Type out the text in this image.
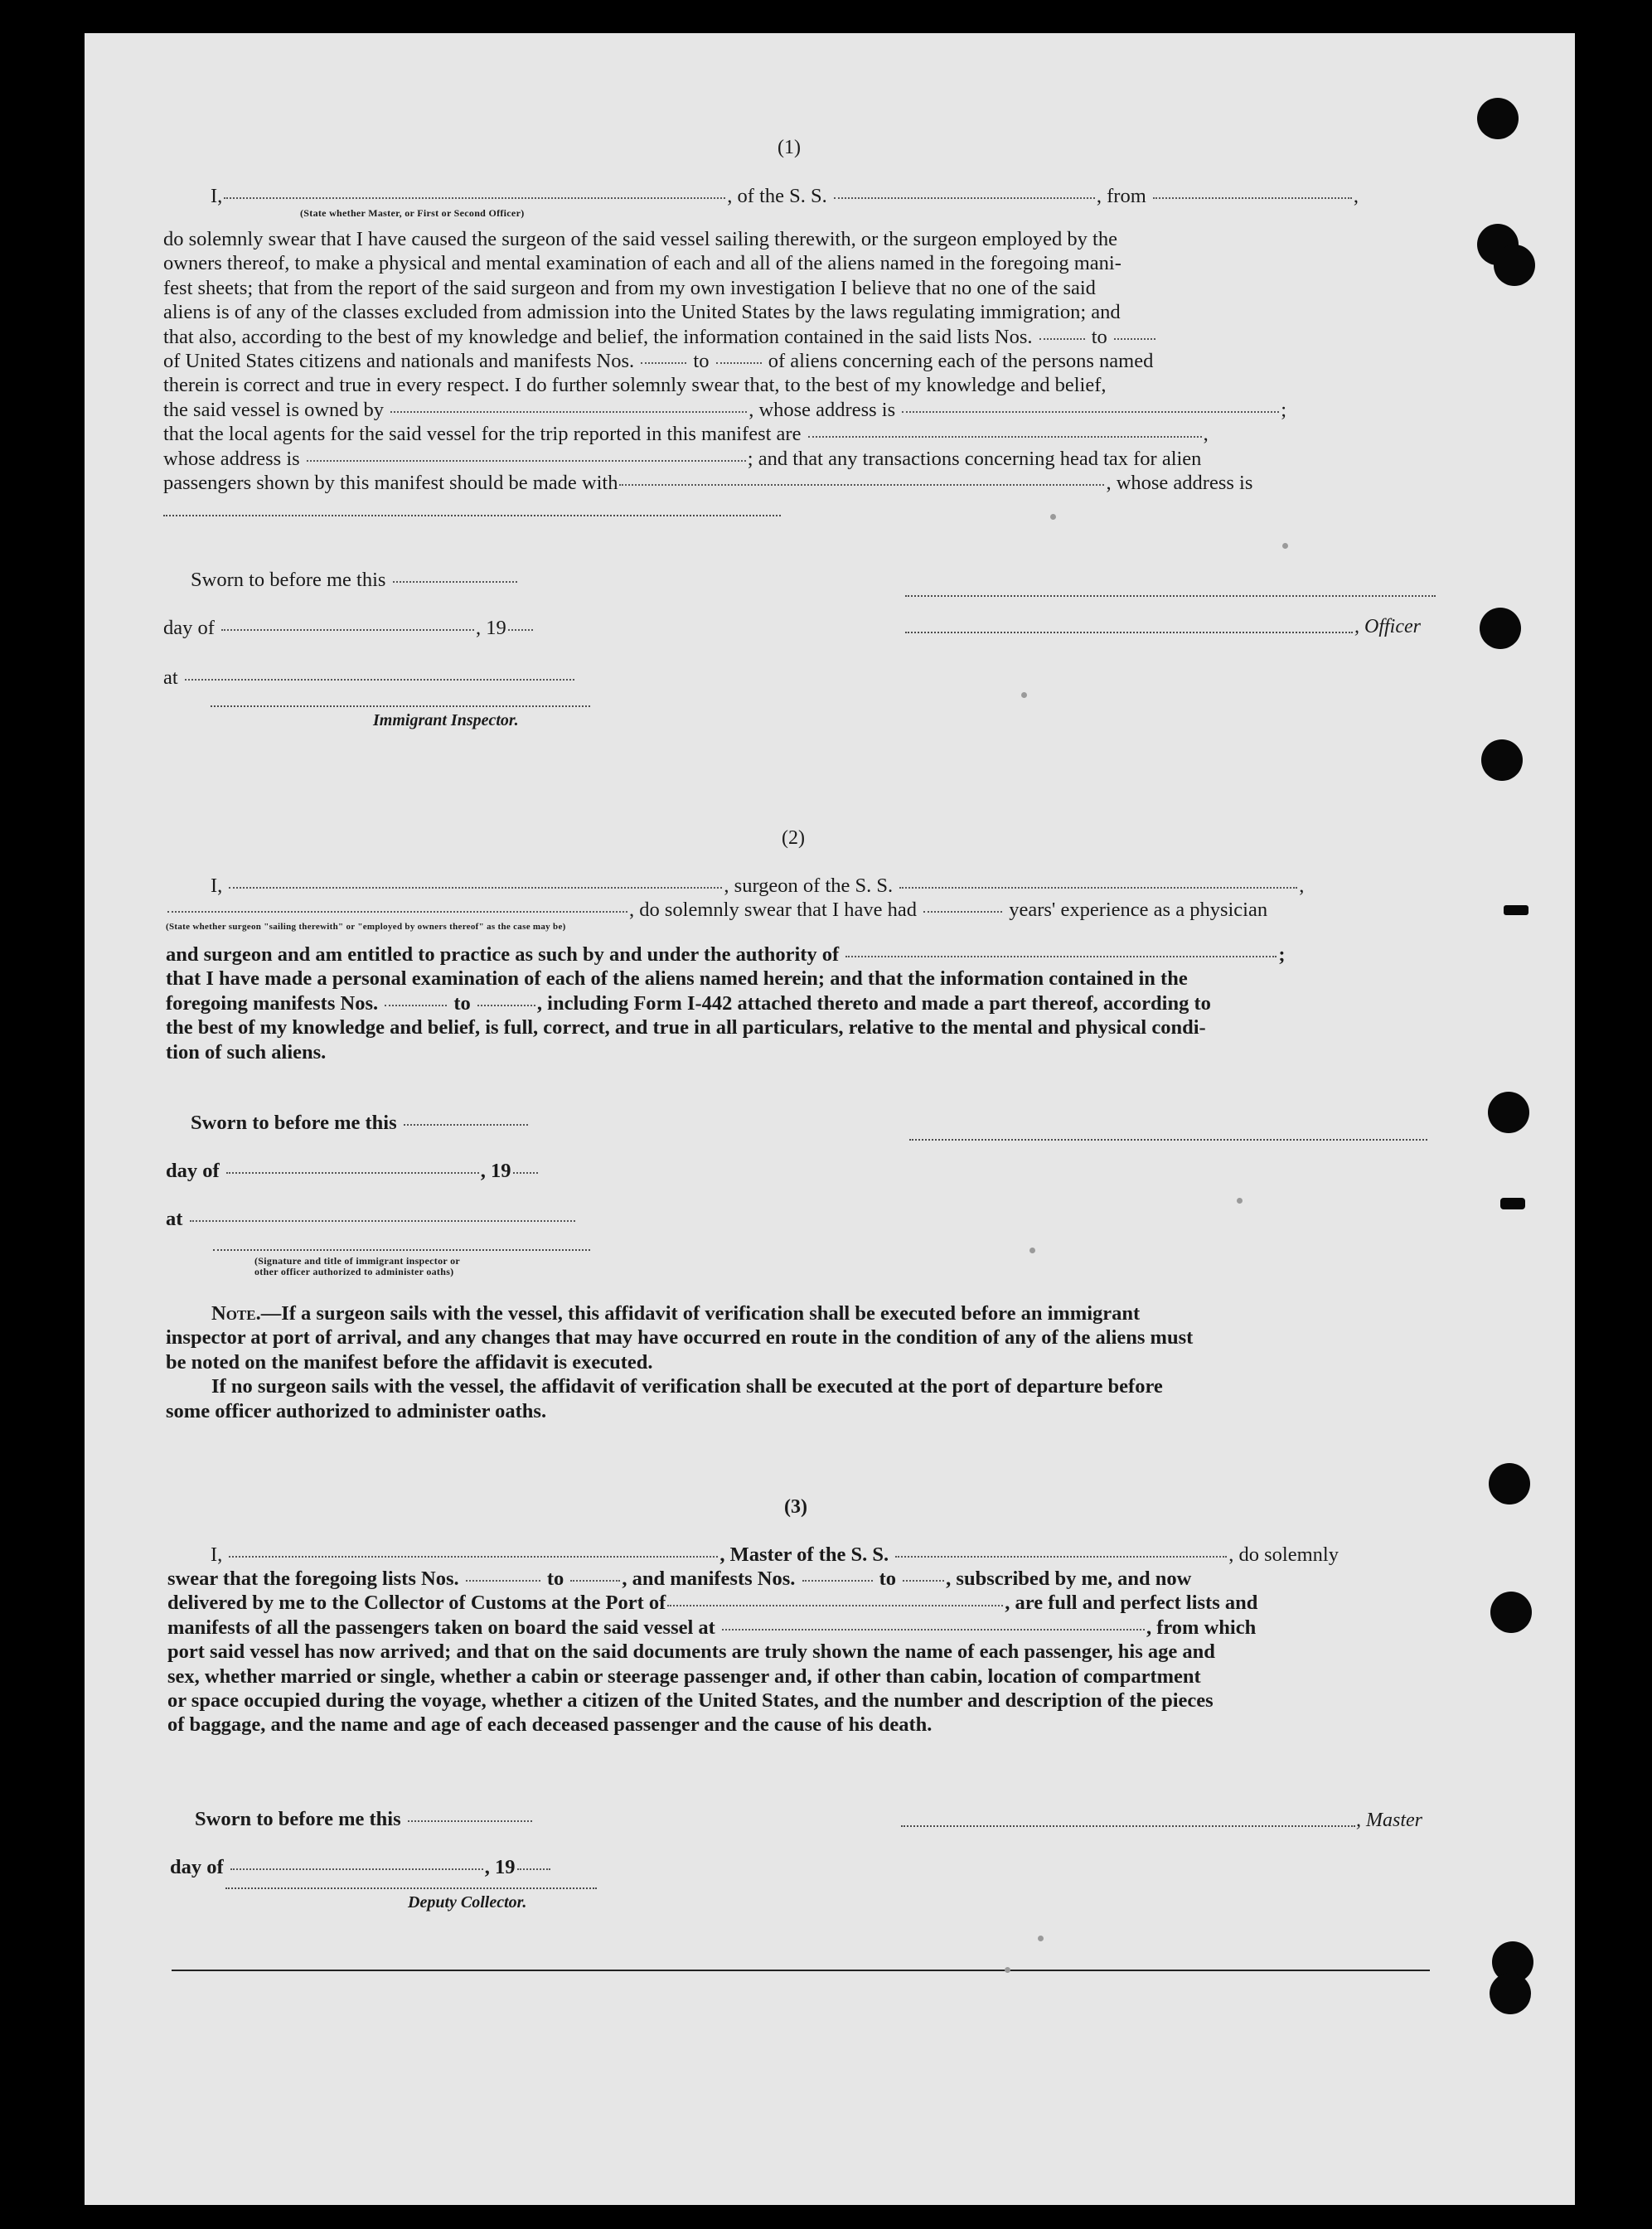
(1)
I,	, of the S. S.	, from	,
(State whether Master, or First or Second Officer)
do solemnly swear that I have caused the surgeon of the said vessel sailing therewith, or the surgeon employed by the
owners thereof, to make a physical and mental examination of each and all of the aliens named in the foregoing mani-
fest sheets; that from the report of the said surgeon and from my own investigation I believe that no one of the said
aliens is of any of the classes excluded from admission into the United States by the laws regulating immigration; and
that also, according to the best of my knowledge and belief, the information contained in the said lists Nos.	to
of United States citizens and nationals and manifests Nos.	to	of aliens concerning each of the persons named
therein is correct and true in every respect. I do further solemnly swear that, to the best of my knowledge and belief,
the said vessel is owned by	, whose address is	;
that the local agents for the said vessel for the trip reported in this manifest are	,
whose address is	; and that any transactions concerning head tax for alien
passengers shown by this manifest should be made with	, whose address is
Sworn to before me this
day of	, 19	, Officer
at
Immigrant Inspector.
(2)
I,	, surgeon of the S. S.	,
, do solemnly swear that I have had	years' experience as a physician
(State whether surgeon "sailing therewith" or "employed by owners thereof" as the case may be)
and surgeon and am entitled to practice as such by and under the authority of	;
that I have made a personal examination of each of the aliens named herein; and that the information contained in the
foregoing manifests Nos.	to	, including Form I-442 attached thereto and made a part thereof, according to
the best of my knowledge and belief, is full, correct, and true in all particulars, relative to the mental and physical condi-
tion of such aliens.
Sworn to before me this
day of	, 19
at
(Signature and title of immigrant inspector or
other officer authorized to administer oaths)
Note.—If a surgeon sails with the vessel, this affidavit of verification shall be executed before an immigrant
inspector at port of arrival, and any changes that may have occurred en route in the condition of any of the aliens must
be noted on the manifest before the affidavit is executed.
If no surgeon sails with the vessel, the affidavit of verification shall be executed at the port of departure before
some officer authorized to administer oaths.
(3)
I,	, Master of the S. S.	, do solemnly
swear that the foregoing lists Nos.	to	, and manifests Nos.	to , subscribed by me, and now
delivered by me to the Collector of Customs at the Port of	, are full and perfect lists and
manifests of all the passengers taken on board the said vessel at	, from which
port said vessel has now arrived; and that on the said documents are truly shown the name of each passenger, his age and
sex, whether married or single, whether a cabin or steerage passenger and, if other than cabin, location of compartment
or space occupied during the voyage, whether a citizen of the United States, and the number and description of the pieces
of baggage, and the name and age of each deceased passenger and the cause of his death.
Sworn to before me this	, Master
day of	, 19
Deputy Collector.
